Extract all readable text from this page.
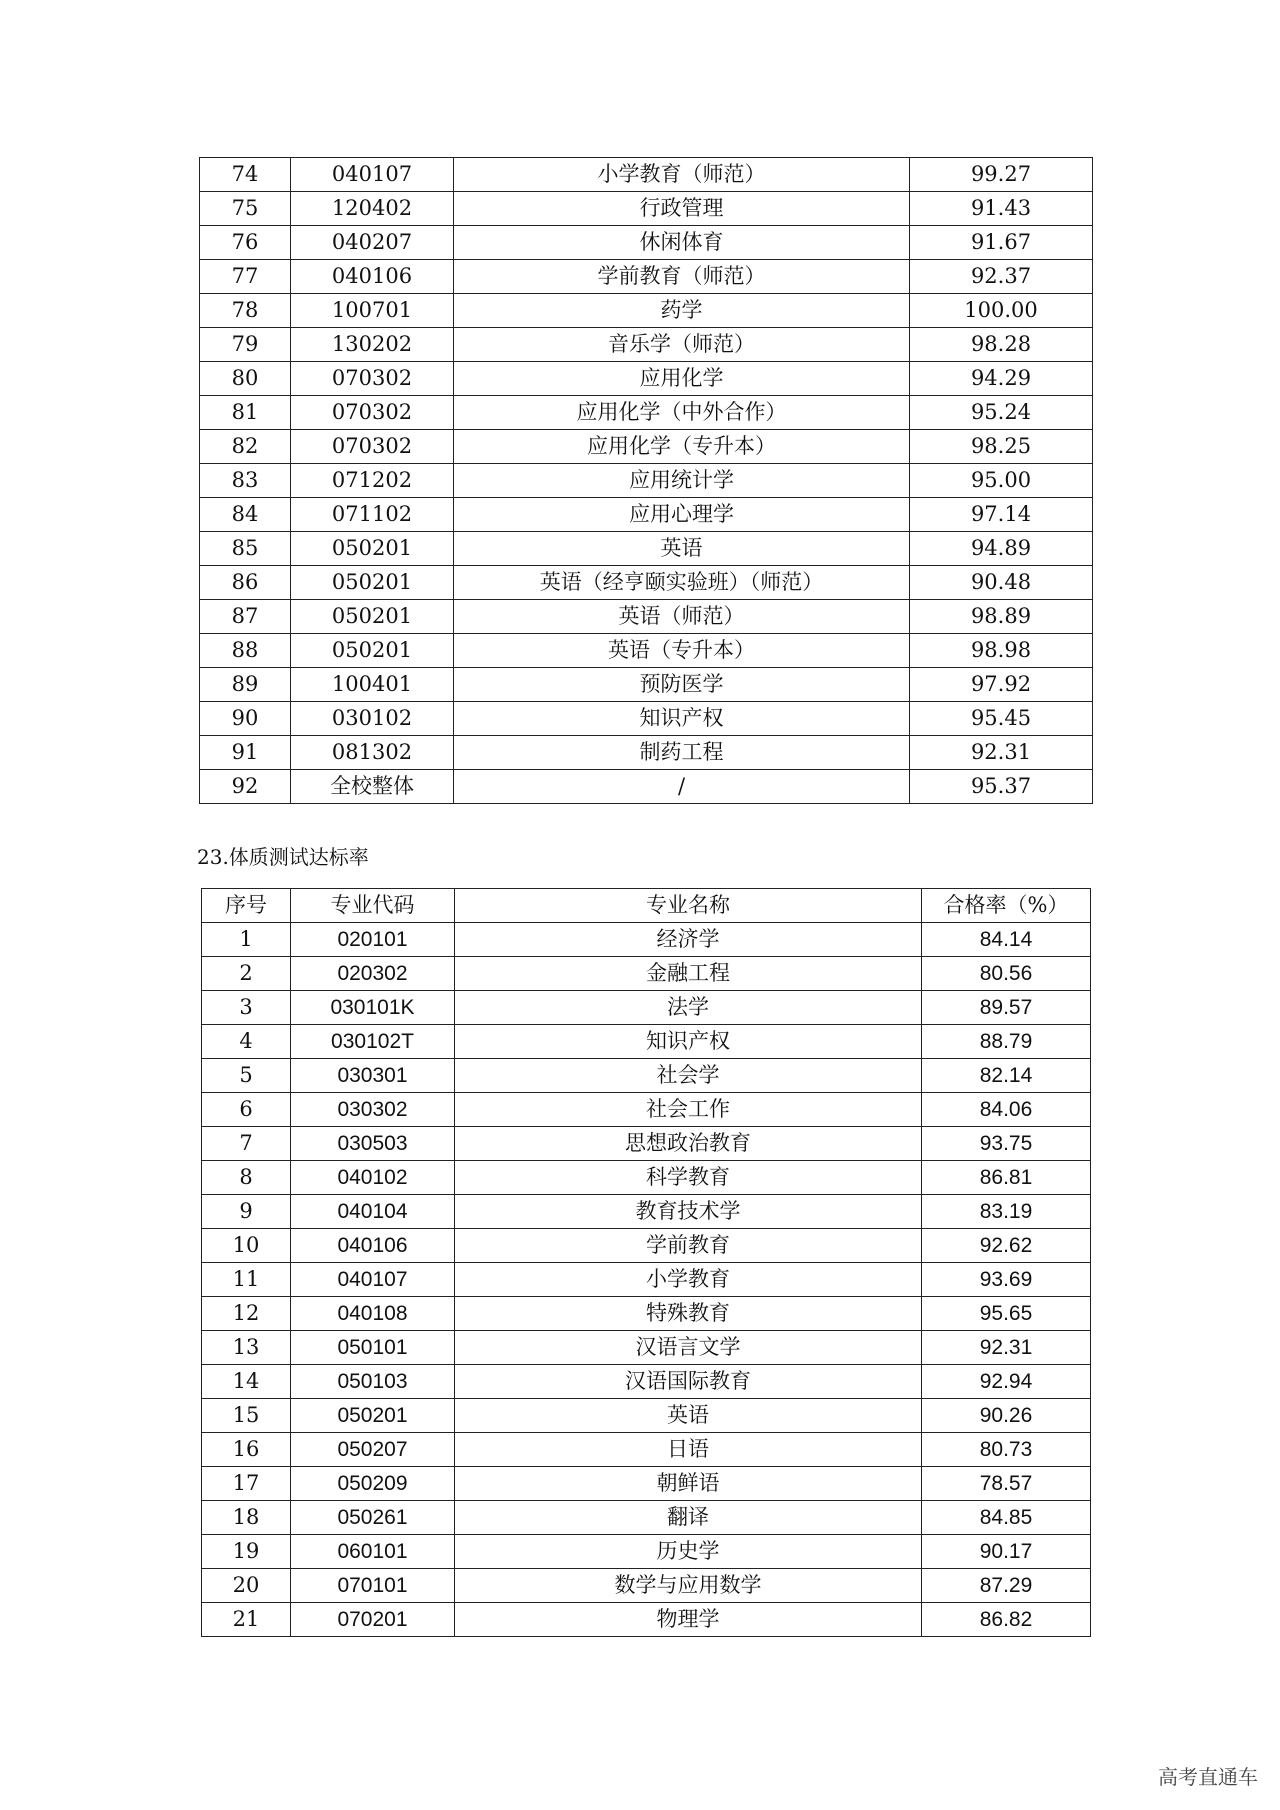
74	040107	小学教育（师范）	99.27
75	120402	行政管理	91.43
76	040207	休闲体育	91.67
77	040106	学前教育（师范）	92.37
78	100701	药学	100.00
79	130202	音乐学（师范）	98.28
80	070302	应用化学	94.29
81	070302	应用化学（中外合作）	95.24
82	070302	应用化学（专升本）	98.25
83	071202	应用统计学	95.00
84	071102	应用心理学	97.14
85	050201	英语	94.89
86	050201	英语（经亨颐实验班）（师范）	90.48
87	050201	英语（师范）	98.89
88	050201	英语（专升本）	98.98
89	100401	预防医学	97.92
90	030102	知识产权	95.45
91	081302	制药工程	92.31
92	全校整体	/	95.37
23.体质测试达标率
序号	专业代码	专业名称	合格率（%）
1	020101	经济学	84.14
2	020302	金融工程	80.56
3	030101K	法学	89.57
4	030102T	知识产权	88.79
5	030301	社会学	82.14
6	030302	社会工作	84.06
7	030503	思想政治教育	93.75
8	040102	科学教育	86.81
9	040104	教育技术学	83.19
10	040106	学前教育	92.62
11	040107	小学教育	93.69
12	040108	特殊教育	95.65
13	050101	汉语言文学	92.31
14	050103	汉语国际教育	92.94
15	050201	英语	90.26
16	050207	日语	80.73
17	050209	朝鲜语	78.57
18	050261	翻译	84.85
19	060101	历史学	90.17
20	070101	数学与应用数学	87.29
21	070201	物理学	86.82
高考直通车
